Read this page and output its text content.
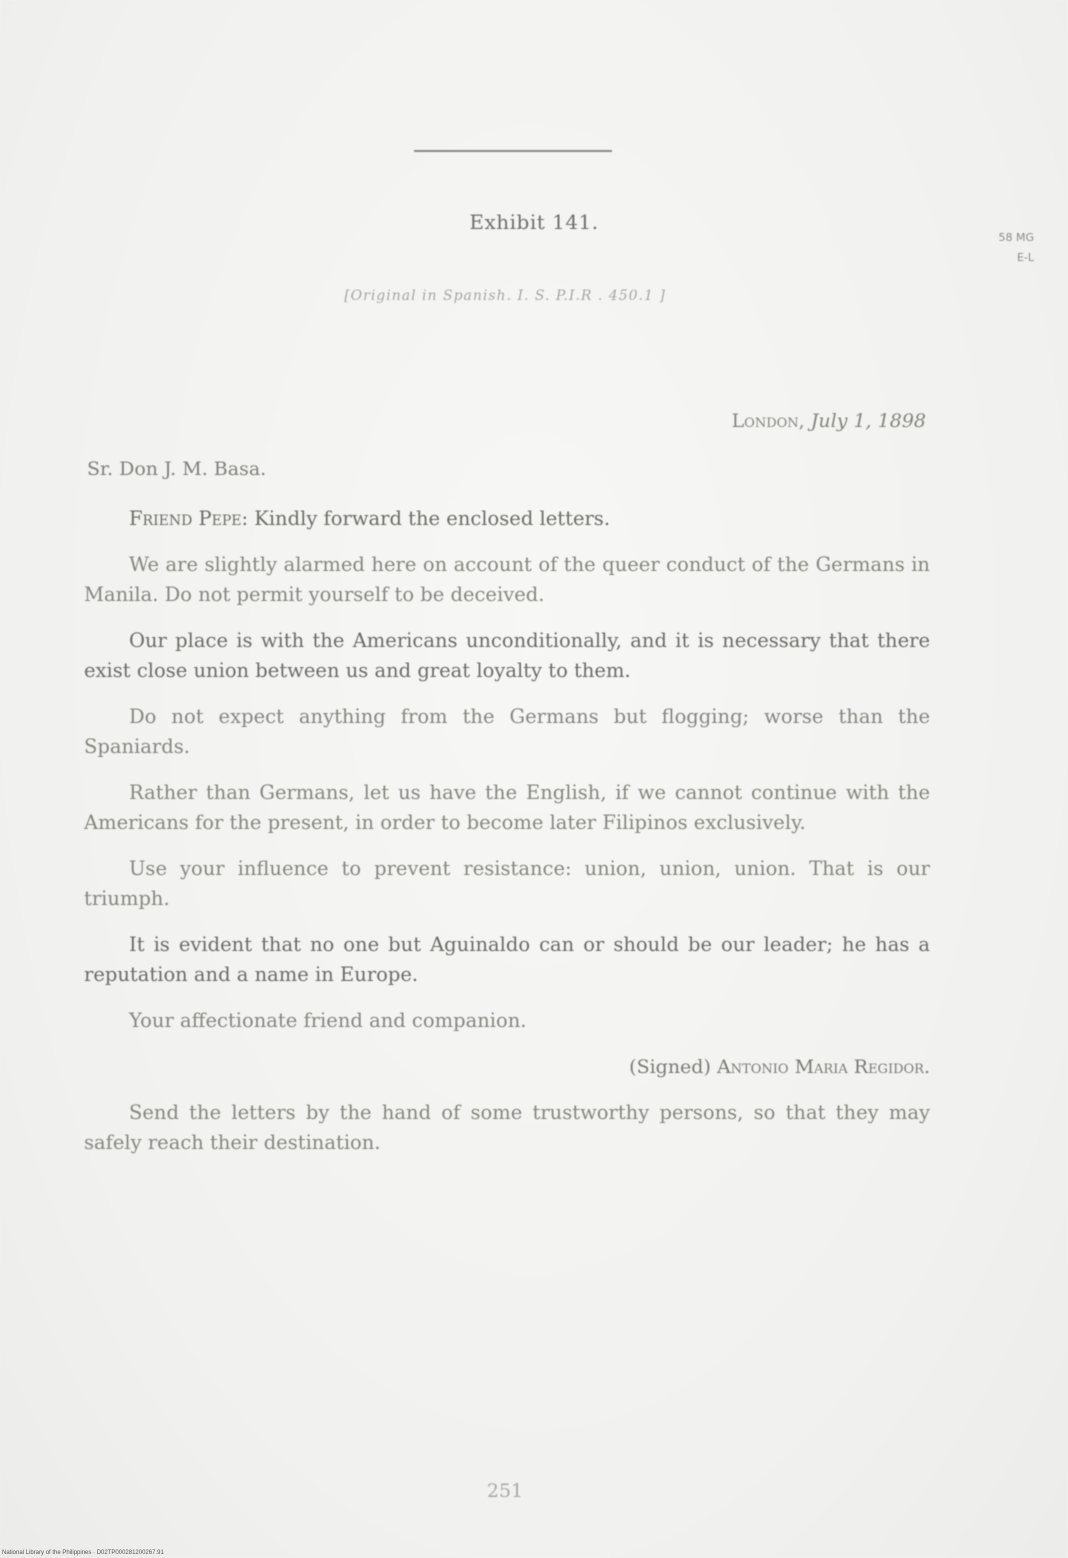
Exhibit 141.
58 MG
E-L
[Original in Spanish. I. S. P.I.R . 450.1 ]
London, July 1, 1898
Sr. Don J. M. Basa.

Friend Pepe: Kindly forward the enclosed letters.

We are slightly alarmed here on account of the queer conduct of the Germans in Manila. Do not permit yourself to be deceived.

Our place is with the Americans unconditionally, and it is necessary that there exist close union between us and great loyalty to them.

Do not expect anything from the Germans but flogging; worse than the Spaniards.

Rather than Germans, let us have the English, if we cannot continue with the Americans for the present, in order to become later Filipinos exclusively.

Use your influence to prevent resistance: union, union, union. That is our triumph.

It is evident that no one but Aguinaldo can or should be our leader; he has a reputation and a name in Europe.

Your affectionate friend and companion.

(Signed) Antonio Maria Regidor.

Send the letters by the hand of some trustworthy persons, so that they may safely reach their destination.

251
National Library of the Philippines · D02TP000281200267.91
